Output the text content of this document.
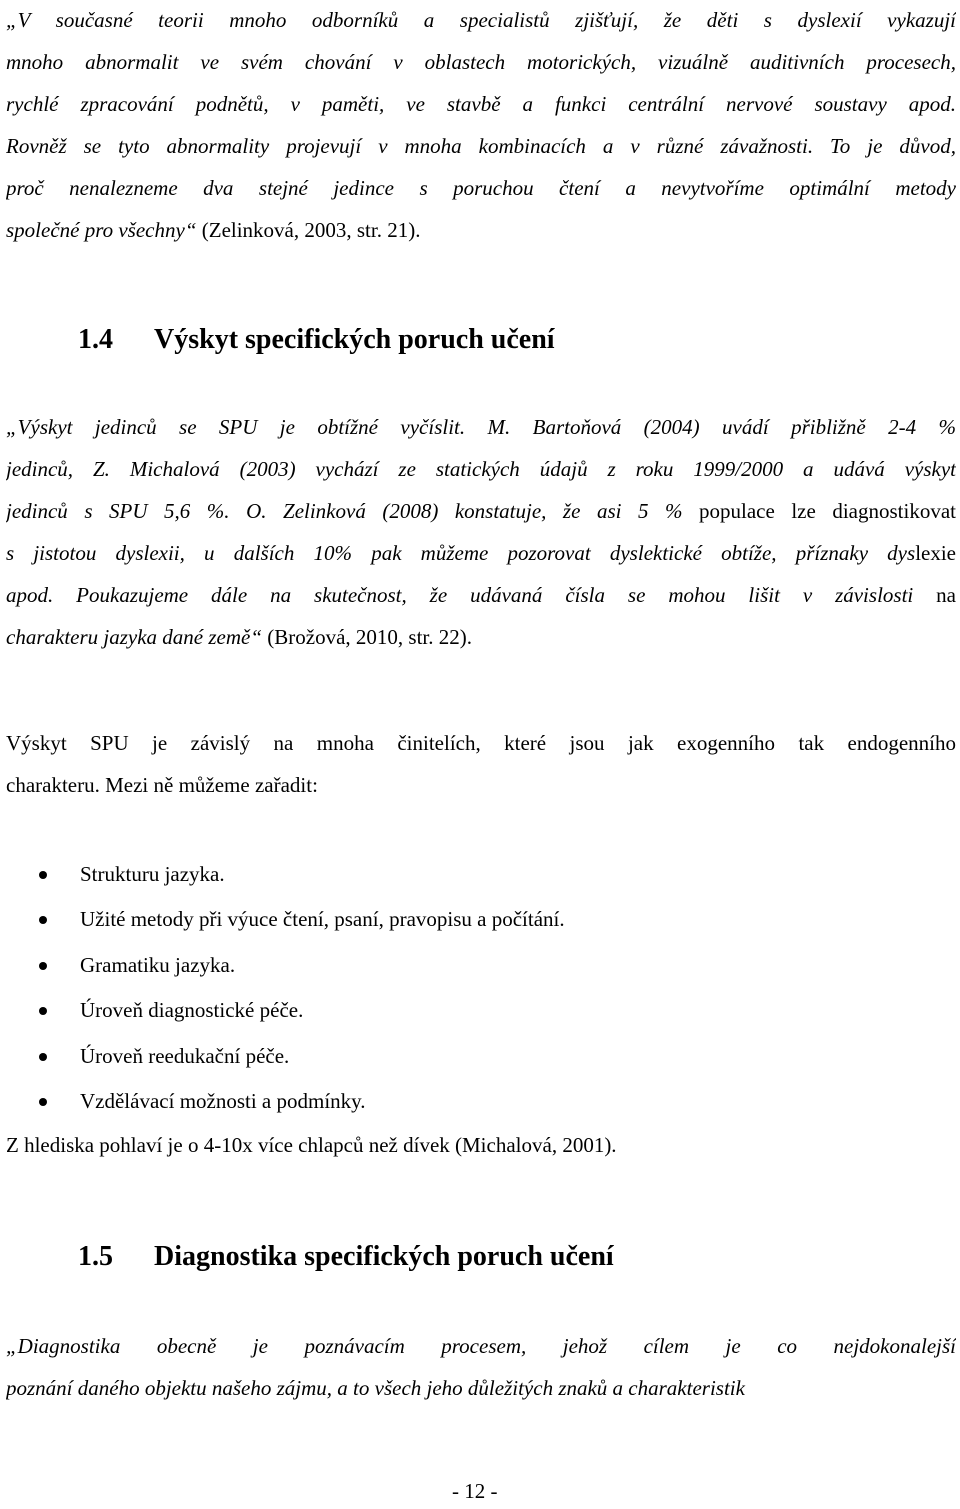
„V současné teorii mnoho odborníků a specialistů zjišťují, že děti s dyslexií vykazují
mnoho abnormalit ve svém chování v oblastech motorických, vizuálně auditivních procesech,
rychlé zpracování podnětů, v paměti, ve stavbě a funkci centrální nervové soustavy apod.
Rovněž se tyto abnormality projevují v mnoha kombinacích a v různé závažnosti. To je důvod,
proč nenalezneme dva stejné jedince s poruchou čtení a nevytvoříme optimální metody
společné pro všechny“ (Zelinková, 2003, str. 21).
1.4 Výskyt specifických poruch učení
„Výskyt jedinců se SPU je obtížné vyčíslit. M. Bartoňová (2004) uvádí přibližně 2-4 %
jedinců, Z. Michalová (2003) vychází ze statických údajů z roku 1999/2000 a udává výskyt
jedinců s SPU 5,6 %. O. Zelinková (2008) konstatuje, že asi 5 % populace lze diagnostikovat
s jistotou dyslexii, u dalších 10% pak můžeme pozorovat dyslektické obtíže, příznaky dyslexie
apod. Poukazujeme dále na skutečnost, že udávaná čísla se mohou lišit v závislosti na
charakteru jazyka dané země“ (Brožová, 2010, str. 22).
Výskyt SPU je závislý na mnoha činitelích, které jsou jak exogenního tak endogenního
charakteru. Mezi ně můžeme zařadit:
Strukturu jazyka.
Užité metody při výuce čtení, psaní, pravopisu a počítání.
Gramatiku jazyka.
Úroveň diagnostické péče.
Úroveň reedukační péče.
Vzdělávací možnosti a podmínky.

Z hlediska pohlaví je o 4-10x více chlapců než dívek (Michalová, 2001).

1.5 Diagnostika specifických poruch učení
„Diagnostika obecně je poznávacím procesem, jehož cílem je co nejdokonalejší
poznání daného objektu našeho zájmu, a to všech jeho důležitých znaků a charakteristik
- 12 -
